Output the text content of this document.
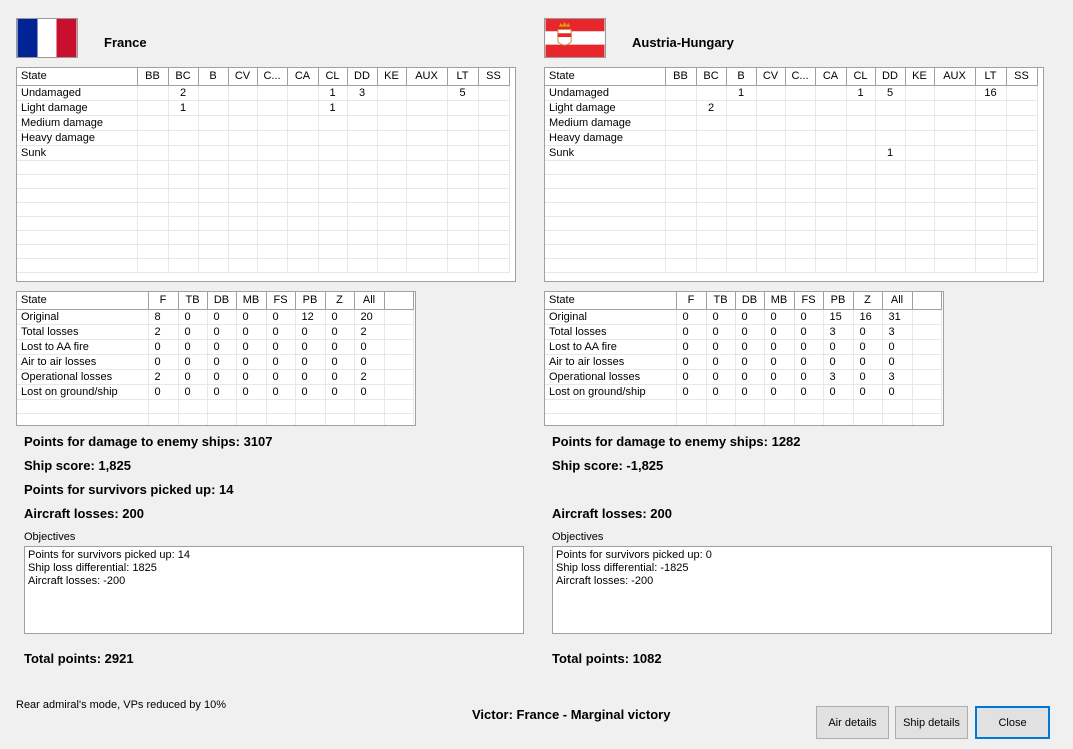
France
State	BB	BC	B	CV	C...	CA	CL	DD	KE	AUX	LT	SS
Undamaged		2					1	3			5	
Light damage		1					1					
Medium damage												
Heavy damage												
Sunk												

State	F	TB	DB	MB	FS	PB	Z	All	
Original	8	0	0	0	0	12	0	20	
Total losses	2	0	0	0	0	0	0	2	
Lost to AA fire	0	0	0	0	0	0	0	0	
Air to air losses	0	0	0	0	0	0	0	0	
Operational losses	2	0	0	0	0	0	0	2	
Lost on ground/ship	0	0	0	0	0	0	0	0	

Points for damage to enemy ships: 3107
Ship score: 1,825
Points for survivors picked up: 14
Aircraft losses: 200
Objectives
Points for survivors picked up: 14
Ship loss differential: 1825
Aircraft losses: -200
Total points: 2921
Austria-Hungary
State	BB	BC	B	CV	C...	CA	CL	DD	KE	AUX	LT	SS
Undamaged			1				1	5			16	
Light damage		2										
Medium damage												
Heavy damage												
Sunk								1				

State	F	TB	DB	MB	FS	PB	Z	All	
Original	0	0	0	0	0	15	16	31	
Total losses	0	0	0	0	0	3	0	3	
Lost to AA fire	0	0	0	0	0	0	0	0	
Air to air losses	0	0	0	0	0	0	0	0	
Operational losses	0	0	0	0	0	3	0	3	
Lost on ground/ship	0	0	0	0	0	0	0	0	

Points for damage to enemy ships: 1282
Ship score: -1,825
Aircraft losses: 200
Objectives
Points for survivors picked up: 0
Ship loss differential: -1825
Aircraft losses: -200
Total points: 1082
Rear admiral's mode, VPs reduced by 10%
Victor: France - Marginal victory
Air details	Ship details	Close
